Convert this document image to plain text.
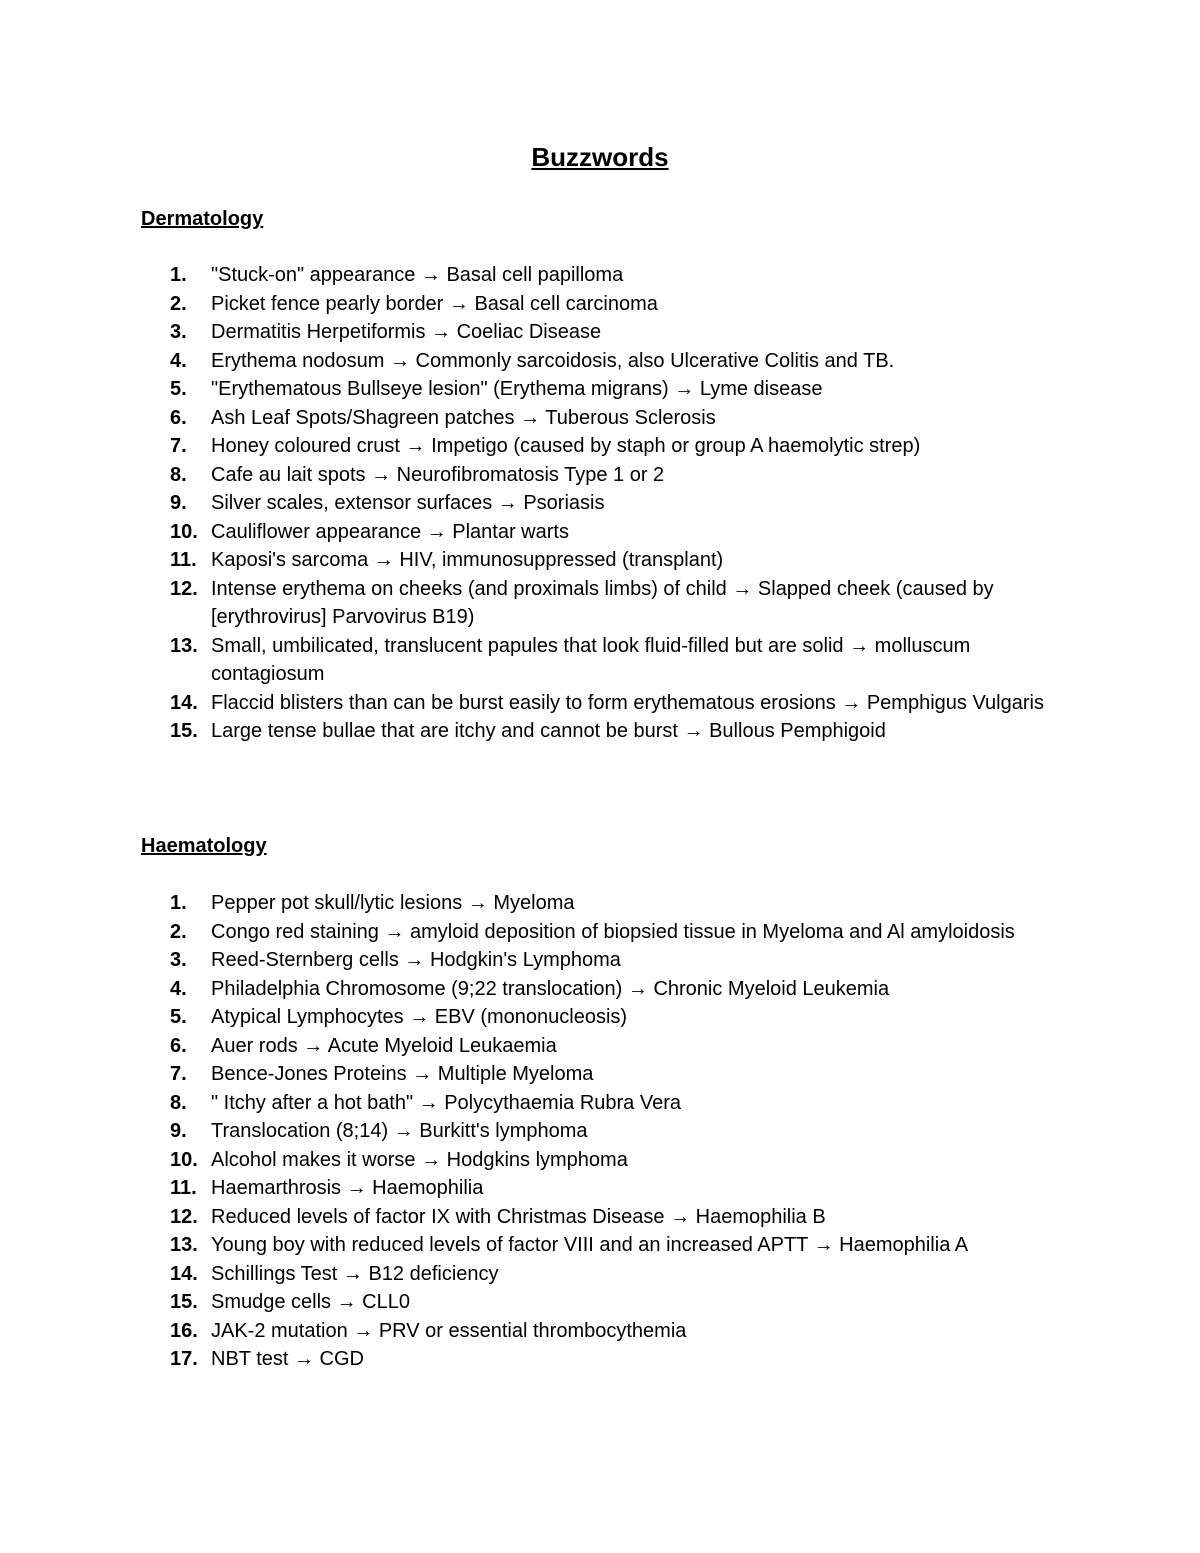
Buzzwords
Dermatology
1.	"Stuck-on" appearance → Basal cell papilloma
2.	Picket fence pearly border → Basal cell carcinoma
3.	Dermatitis Herpetiformis → Coeliac Disease
4.	Erythema nodosum → Commonly sarcoidosis, also Ulcerative Colitis and TB.
5.	"Erythematous Bullseye lesion" (Erythema migrans) → Lyme disease
6.	Ash Leaf Spots/Shagreen patches → Tuberous Sclerosis
7.	Honey coloured crust → Impetigo (caused by staph or group A haemolytic strep)
8.	Cafe au lait spots → Neurofibromatosis Type 1 or 2
9.	Silver scales, extensor surfaces → Psoriasis
10. Cauliflower appearance → Plantar warts
11. Kaposi's sarcoma → HIV, immunosuppressed (transplant)
12. Intense erythema on cheeks (and proximals limbs) of child → Slapped cheek (caused by [erythrovirus] Parvovirus B19)
13. Small, umbilicated, translucent papules that look fluid-filled but are solid → molluscum contagiosum
14. Flaccid blisters than can be burst easily to form erythematous erosions → Pemphigus Vulgaris
15. Large tense bullae that are itchy and cannot be burst → Bullous Pemphigoid
Haematology
1.	Pepper pot skull/lytic lesions → Myeloma
2.	Congo red staining → amyloid deposition of biopsied tissue in Myeloma and Al amyloidosis
3.	Reed-Sternberg cells → Hodgkin's Lymphoma
4.	Philadelphia Chromosome (9;22 translocation) → Chronic Myeloid Leukemia
5.	Atypical Lymphocytes → EBV (mononucleosis)
6.	Auer rods → Acute Myeloid Leukaemia
7.	Bence-Jones Proteins → Multiple Myeloma
8.	" Itchy after a hot bath" → Polycythaemia Rubra Vera
9.	Translocation (8;14) → Burkitt's lymphoma
10. Alcohol makes it worse → Hodgkins lymphoma
11. Haemarthrosis → Haemophilia
12. Reduced levels of factor IX with Christmas Disease → Haemophilia B
13. Young boy with reduced levels of factor VIII and an increased APTT → Haemophilia A
14. Schillings Test → B12 deficiency
15. Smudge cells → CLL0
16. JAK-2 mutation → PRV or essential thrombocythemia
17. NBT test → CGD
